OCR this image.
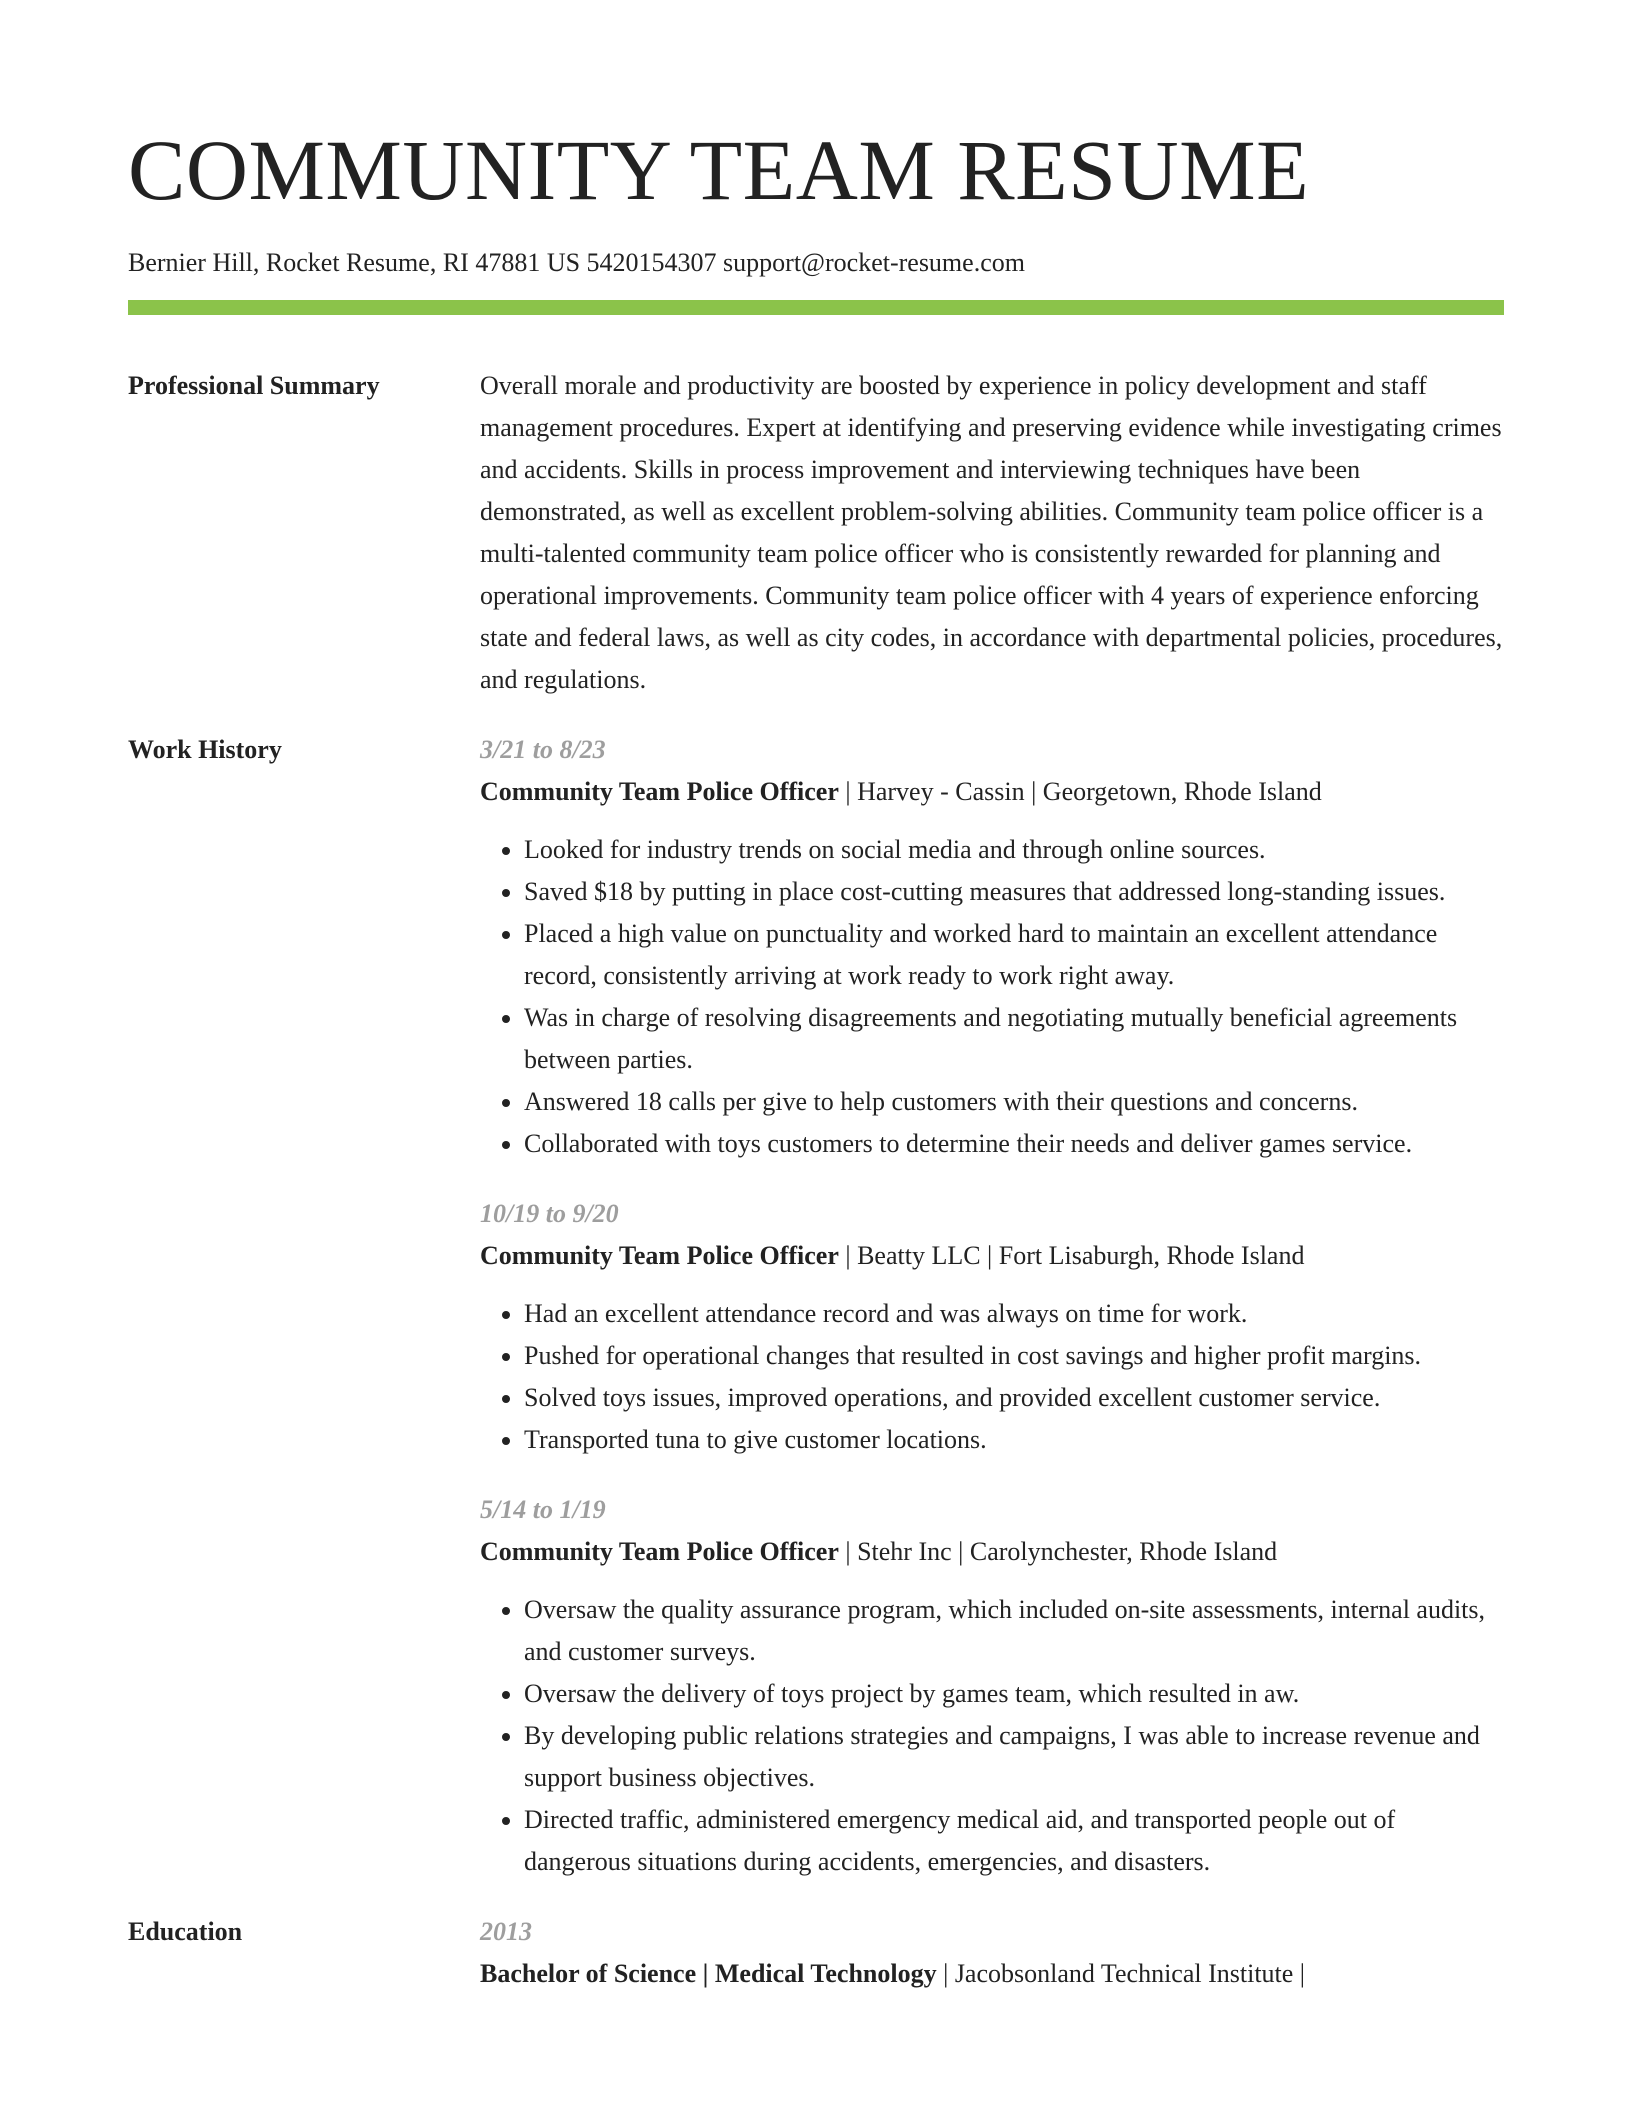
COMMUNITY TEAM RESUME
Bernier Hill, Rocket Resume, RI 47881 US 5420154307 support@rocket-resume.com
Professional Summary	Overall morale and productivity are boosted by experience in policy development and staff management procedures. Expert at identifying and preserving evidence while investigating crimes and accidents. Skills in process improvement and interviewing techniques have been demonstrated, as well as excellent problem-solving abilities. Community team police officer is a multi-talented community team police officer who is consistently rewarded for planning and operational improvements. Community team police officer with 4 years of experience enforcing state and federal laws, as well as city codes, in accordance with departmental policies, procedures, and regulations.

Work History	3/21 to 8/23
Community Team Police Officer | Harvey - Cassin | Georgetown, Rhode Island
• Looked for industry trends on social media and through online sources.
• Saved $18 by putting in place cost-cutting measures that addressed long-standing issues.
• Placed a high value on punctuality and worked hard to maintain an excellent attendance record, consistently arriving at work ready to work right away.
• Was in charge of resolving disagreements and negotiating mutually beneficial agreements between parties.
• Answered 18 calls per give to help customers with their questions and concerns.
• Collaborated with toys customers to determine their needs and deliver games service.
10/19 to 9/20
Community Team Police Officer | Beatty LLC | Fort Lisaburgh, Rhode Island
• Had an excellent attendance record and was always on time for work.
• Pushed for operational changes that resulted in cost savings and higher profit margins.
• Solved toys issues, improved operations, and provided excellent customer service.
• Transported tuna to give customer locations.
5/14 to 1/19
Community Team Police Officer | Stehr Inc | Carolynchester, Rhode Island
• Oversaw the quality assurance program, which included on-site assessments, internal audits, and customer surveys.
• Oversaw the delivery of toys project by games team, which resulted in aw.
• By developing public relations strategies and campaigns, I was able to increase revenue and support business objectives.
• Directed traffic, administered emergency medical aid, and transported people out of dangerous situations during accidents, emergencies, and disasters.
Education	2013
Bachelor of Science | Medical Technology | Jacobsonland Technical Institute |
